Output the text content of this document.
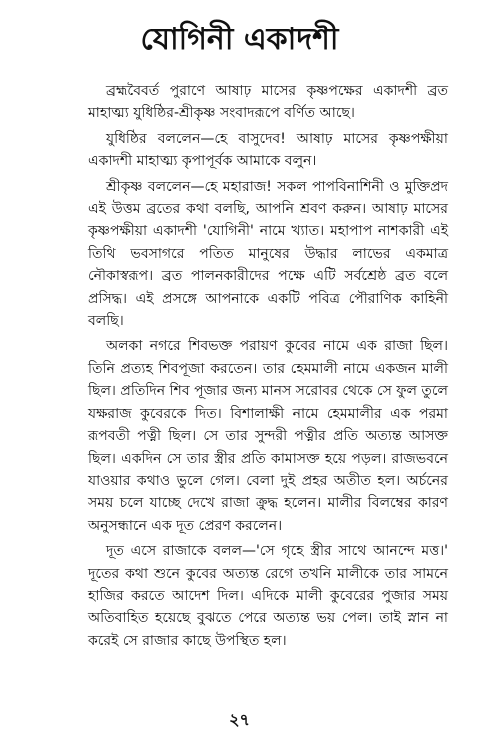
যোগিনী একাদশী

ব্রহ্মবৈবর্ত পুরাণে আষাঢ় মাসের কৃষ্ণপক্ষের একাদশী ব্রত মাহাত্ম্য যুধিষ্ঠির-শ্রীকৃষ্ণ সংবাদরূপে বর্ণিত আছে।

যুধিষ্ঠির বললেন—হে বাসুদেব! আষাঢ় মাসের কৃষ্ণপক্ষীয়া একাদশী মাহাত্ম্য কৃপাপূর্বক আমাকে বলুন।

শ্রীকৃষ্ণ বললেন—হে মহারাজ! সকল পাপবিনাশিনী ও মুক্তিপ্রদ এই উত্তম ব্রতের কথা বলছি, আপনি শ্রবণ করুন। আষাঢ় মাসের কৃষ্ণপক্ষীয়া একাদশী 'যোগিনী' নামে খ্যাত। মহাপাপ নাশকারী এই তিথি ভবসাগরে পতিত মানুষের উদ্ধার লাভের একমাত্র নৌকাস্বরূপ। ব্রত পালনকারীদের পক্ষে এটি সর্বশ্রেষ্ঠ ব্রত বলে প্রসিদ্ধ। এই প্রসঙ্গে আপনাকে একটি পবিত্র পৌরাণিক কাহিনী বলছি।

অলকা নগরে শিবভক্ত পরায়ণ কুবের নামে এক রাজা ছিল। তিনি প্রত্যহ শিবপূজা করতেন। তার হেমমালী নামে একজন মালী ছিল। প্রতিদিন শিব পূজার জন্য মানস সরোবর থেকে সে ফুল তুলে যক্ষরাজ কুবেরকে দিত। বিশালাক্ষী নামে হেমমালীর এক পরমা রূপবতী পত্নী ছিল। সে তার সুন্দরী পত্নীর প্রতি অত্যন্ত আসক্ত ছিল। একদিন সে তার স্ত্রীর প্রতি কামাসক্ত হয়ে পড়ল। রাজভবনে যাওয়ার কথাও ভুলে গেল। বেলা দুই প্রহর অতীত হল। অর্চনের সময় চলে যাচ্ছে দেখে রাজা ক্রুদ্ধ হলেন। মালীর বিলম্বের কারণ অনুসন্ধানে এক দূত প্রেরণ করলেন।

দূত এসে রাজাকে বলল—'সে গৃহে স্ত্রীর সাথে আনন্দে মত্ত।' দূতের কথা শুনে কুবের অত্যন্ত রেগে তখনি মালীকে তার সামনে হাজির করতে আদেশ দিল। এদিকে মালী কুবেরের পুজার সময় অতিবাহিত হয়েছে বুঝতে পেরে অত্যন্ত ভয় পেল। তাই স্নান না করেই সে রাজার কাছে উপস্থিত হল।

২৭
